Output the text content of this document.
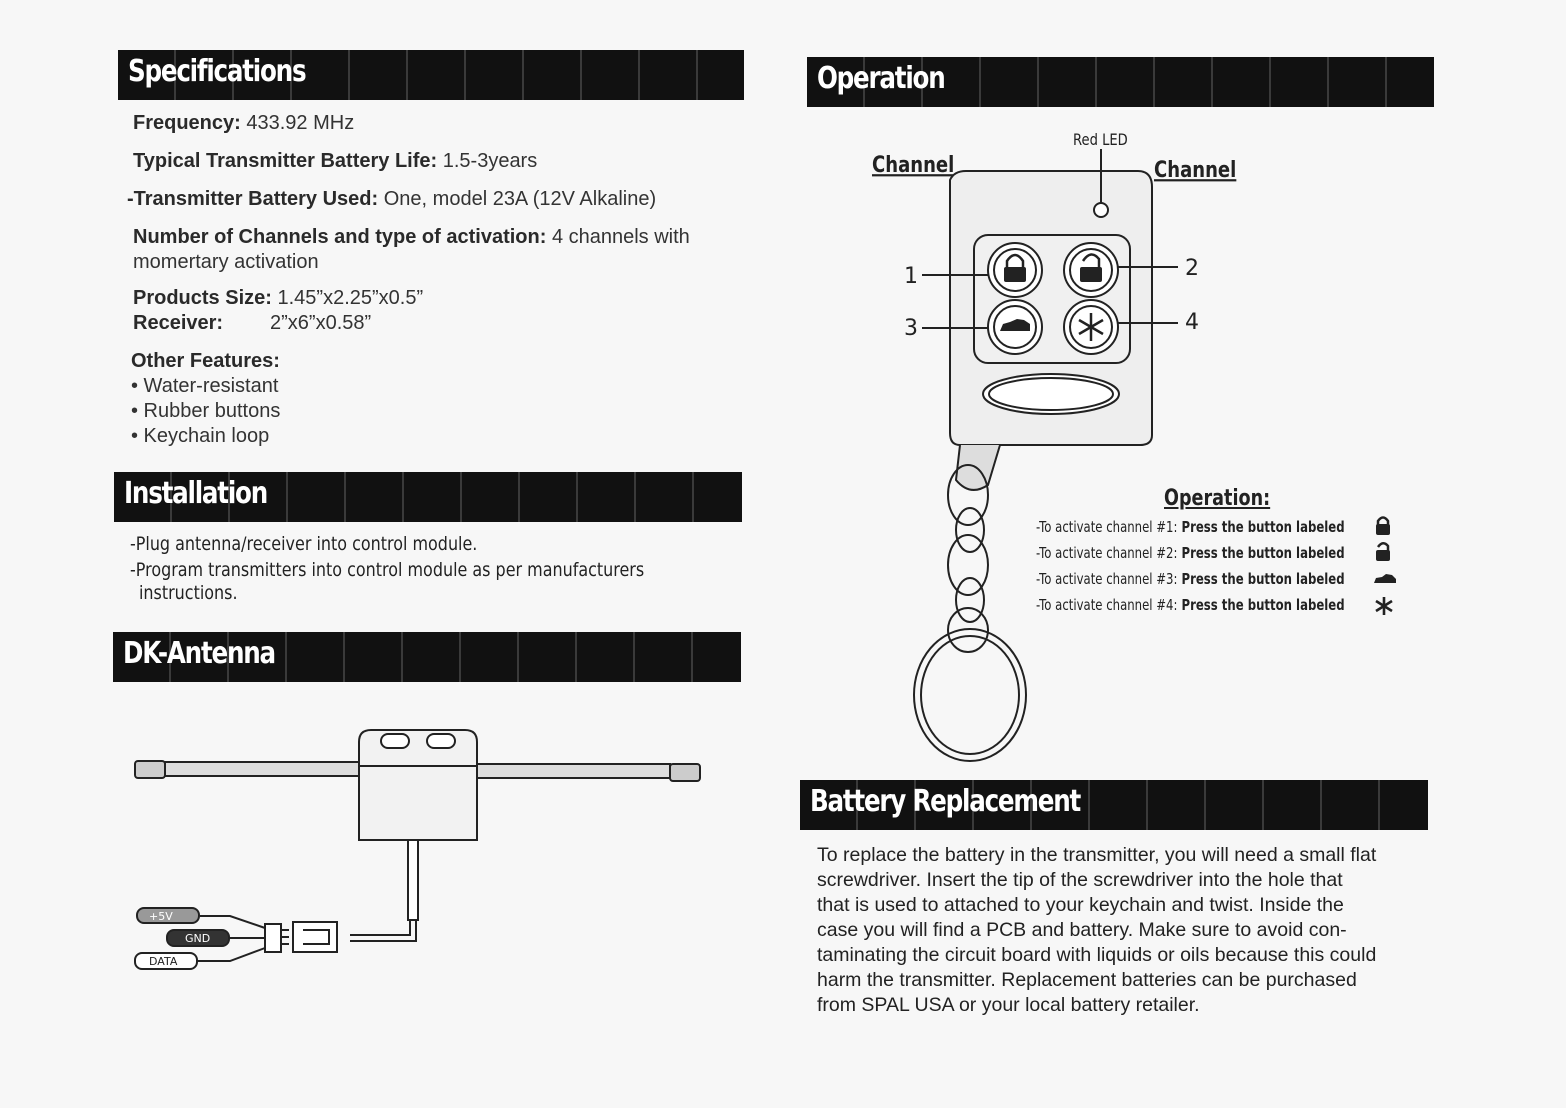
Specifications
Frequency: 433.92 MHz
Typical Transmitter Battery Life: 1.5-3years
-Transmitter Battery Used: One, model 23A (12V Alkaline)
Number of Channels and type of activation: 4 channels with
momertary activation
Products Size: 1.45”x2.25”x0.5”
Receiver: 2”x6”x0.58”
Other Features:
• Water-resistant
• Rubber buttons
• Keychain loop
Installation
-Plug antenna/receiver into control module.
-Program transmitters into control module as per manufacturers
instructions.
DK-Antenna
+5V
GND
DATA
Operation
Red LED
Channel	Channel
1	2
3	4
Operation:
-To activate channel #1: Press the button labeled
-To activate channel #2: Press the button labeled
-To activate channel #3: Press the button labeled
-To activate channel #4: Press the button labeled
Battery Replacement
To replace the battery in the transmitter, you will need a small flat
screwdriver. Insert the tip of the screwdriver into the hole that
that is used to attached to your keychain and twist. Inside the
case you will find a PCB and battery. Make sure to avoid con-
taminating the circuit board with liquids or oils because this could
harm the transmitter. Replacement batteries can be purchased
from SPAL USA or your local battery retailer.
